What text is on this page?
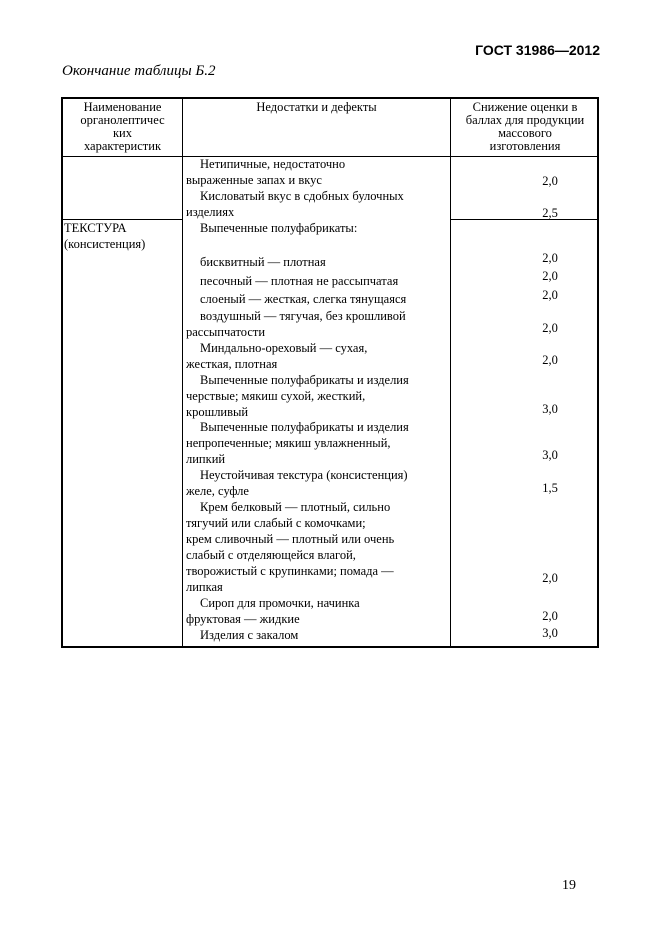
ГОСТ 31986—2012
Окончание таблицы Б.2
Наименование
органолептичес
ких
характеристик
Недостатки и дефекты	Снижение оценки в
баллах для продукции
массового
изготовления
ТЕКСТУРА
(консистенция)
Нетипичные, недостаточно
выраженные запах и вкус
Кисловатый вкус в сдобных булочных
изделиях
Выпеченные полуфабрикаты:
бисквитный — плотная
песочный — плотная не рассыпчатая
слоеный — жесткая, слегка тянущаяся
воздушный — тягучая, без крошливой
рассыпчатости
Миндально-ореховый — сухая,
жесткая, плотная
Выпеченные полуфабрикаты и изделия
черствые; мякиш сухой, жесткий,
крошливый
Выпеченные полуфабрикаты и изделия
непропеченные; мякиш увлажненный,
липкий
Неустойчивая текстура (консистенция)
желе, суфле
Крем белковый — плотный, сильно
тягучий или слабый с комочками;
крем сливочный — плотный или очень
слабый с отделяющейся влагой,
творожистый с крупинками; помада —
липкая
Сироп для промочки, начинка
фруктовая — жидкие
Изделия с закалом
2,0
2,5
2,0
2,0
2,0
2,0
2,0
3,0
3,0
1,5
2,0
2,0
3,0
19
